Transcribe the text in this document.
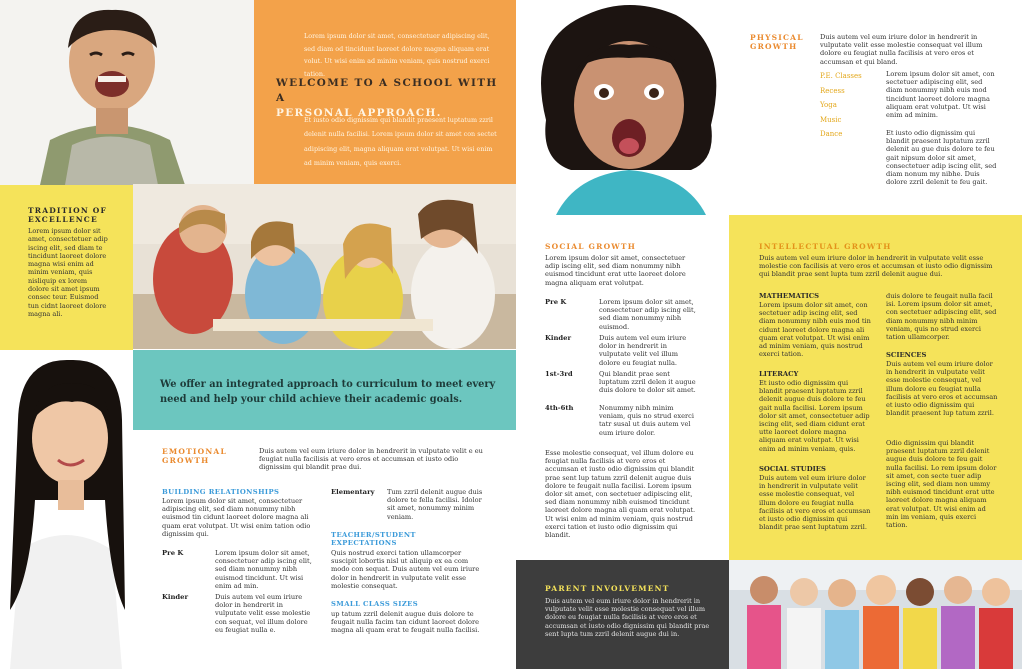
Lorem ipsum dolor sit amet, consectetuer adipiscing elit, sed diam od tincidunt laoreet dolore magna aliquam erat volut. Ut wisi enim ad minim veniam, quis nostrud exerci tation.

WELCOME TO A SCHOOL WITH A
PERSONAL APPROACH.

Et iusto odio dignissim qui blandit praesent luptatum zzril delenit nulla facilisi. Lorem ipsum dolor sit amet con sectet adipiscing elit, magna aliquam erat volutpat. Ut wisi enim ad minim veniam, quis exerci.

TRADITION OF EXCELLENCE

Lorem ipsum dolor sit amet, consectetuer adip iscing elit, sed diam te tincidunt laoreet dolore magna wisi enim ad minim veniam, quis nisliquip ex lorem dolore sit amet ipsum consec teur. Euismod tun cidnt laoreet dolore magna ali.

We offer an integrated approach to curriculum to meet every need and help your child achieve their academic goals.

PARENT INVOLVEMENT

Duis autem vel eum iriure dolor in hendrerit in vulputate velit esse molestie consequat vel illum dolore eu feugiat nulla facilisis at vero eros et accumsan et iusto odio dignissim qui blandit prae sent lupta tum zzril delenit augue dui in.

EMOTIONAL GROWTH

Duis autem vel eum iriure dolor in hendrerit in vulputate velit e eu feugiat nulla facilisis at vero eros et accumsan et iusto odio dignissim qui blandit prae dui.

BUILDING RELATIONSHIPS

Lorem ipsum dolor sit amet, consectetuer adipiscing elit, sed diam nonummy nibh euismod tin cidunt laoreet dolore magna ali quam erat volutpat. Ut wisi enim tation odio dignissim qui.

Pre K	Lorem ipsum dolor sit amet, consectetuer adip iscing elit, sed diam nonummy nibh euismod tincidunt. Ut wisi enim ad min.

Kinder	Duis autem vel eum iriure dolor in hendrerit in vulputate velit esse molestie con sequat, vel illum dolore eu feugiat nulla e.

Elementary Tum zzril delenit augue duis dolore te fella facilisi. Idolor sit amet, nonummy minim veniam.

TEACHER/STUDENT EXPECTATIONS

Quis nostrud exerci tation ullamcorper suscipit lobortis nisl ut aliquip ex ea com modo con sequat. Duis autem vel eum iriure dolor in hendrerit in vulputate velit esse molestie consequat.

SMALL CLASS SIZES

up tatum zzril delenit augue duis dolore te feugait nulla facim tan cidunt laoreet dolore magna ali quam erat te feugait nulla facilisi.

SOCIAL GROWTH

Lorem ipsum dolor sit amet, consectetuer adip iscing elit, sed diam nonummy nibh euismod tincidunt erat utte laoreet dolore magna aliquam erat volutpat.

Pre K	Lorem ipsum dolor sit amet, consectetuer adip iscing elit, sed diam nonummy nibh euismod.

Kinder	Duis autem vel eum iriure dolor in hendrerit in vulputate velit vel illum dolore eu feugiat nulla.

1st-3rd	Qui blandit prae sent luptatum zzril delen it augue duis dolore te dolor sit amet.

4th-6th	Nonummy nibh minim veniam, quis no strud exerci tatr susal ut duis autem vel eum iriure dolor.

Esse molestie consequat, vel illum dolore eu feugiat nulla facilisis at vero eros et accumsan et iusto odio dignissim qui blandit prae sent lup tatum zzril delenit augue duis dolore te feugait nulla facilisi. Lorem ipsum dolor sit amet, con sectetuer adipiscing elit, sed diam nonummy nibh euismod tincidunt laoreet dolore magna ali quam erat volutpat. Ut wisi enim ad minim veniam, quis nostrud exerci tation et iusto odio dignissim qui blandit.

PHYSICAL GROWTH

Duis autem vel eum iriure dolor in hendrerit in vulputate velit esse molestie consequat vel illum dolore eu feugiat nulla facilisis at vero eros et accumsan et qui bland.

P.E. Classes
Recess
Yoga
Music
Dance

Lorem ipsum dolor sit amet, con sectetuer adipiscing elit, sed diam nonummy nibh euis mod tincidunt laoreet dolore magna aliquam erat volutpat. Ut wisi enim ad minim.

Et iusto odio dignissim qui blandit praesent luptatum zzril delenit au gue duis dolore te feu gait nipsum dolor sit amet, consectetuer adip iscing elit, sed diam nonum my nibhe. Duis dolore zzril delenit te feu gait.

INTELLECTUAL GROWTH

Duis autem vel eum iriure dolor in hendrerit in vulputate velit esse molestie con facilisis at vero eros et accumsan et iusto odio dignissim qui blandit prae sent lupta tum zzril delenit augue dui.

MATHEMATICS

Lorem ipsum dolor sit amet, con sectetuer adip iscing elit, sed diam nonummy nibh euis mod tin cidunt laoreet dolore magna ali quam erat volutpat. Ut wisi enim ad minim veniam, quis nostrud exerci tation.

LITERACY

Et iusto odio dignissim qui blandit praesent luptatum zzril delenit augue duis dolore te feu gait nulla facilisi. Lorem ipsum dolor sit amet, consectetuer adip iscing elit, sed diam cidunt erat utte laoreet dolore magna aliquam erat volutpat. Ut wisi enim ad minim veniam, quis.

SOCIAL STUDIES

Duis autem vel eum iriure dolor in hendrerit in vulputate velit esse molestie consequat, vel illum dolore eu feugiat nulla facilisis at vero eros et accumsan et iusto odio dignissim qui blandit prae sent luptatum zzril.

duis dolore te feugait nulla facil isi. Lorem ipsum dolor sit amet, con sectetuer adipiscing elit, sed diam nonummy nibh minim veniam, quis no strud exerci tation ullamcorper.

SCIENCES

Duis autem vel eum iriure dolor in hendrerit in vulputate velit esse molestie consequat, vel illum dolore eu feugiat nulla facilisis at vero eros et accumsan et iusto odio dignissim qui blandit praesent lup tatum zzril.

Odio dignissim qui blandit praesent luptatum zzril delenit augue duis dolore te feu gait nulla facilisi. Lo rem ipsum dolor sit amet, con secte tuer adip iscing elit, sed diam non ummy nibh euismod tincidunt erat utte laoreet dolore magna aliquam erat volutpat. Ut wisi enim ad min im veniam, quis exerci tation.
